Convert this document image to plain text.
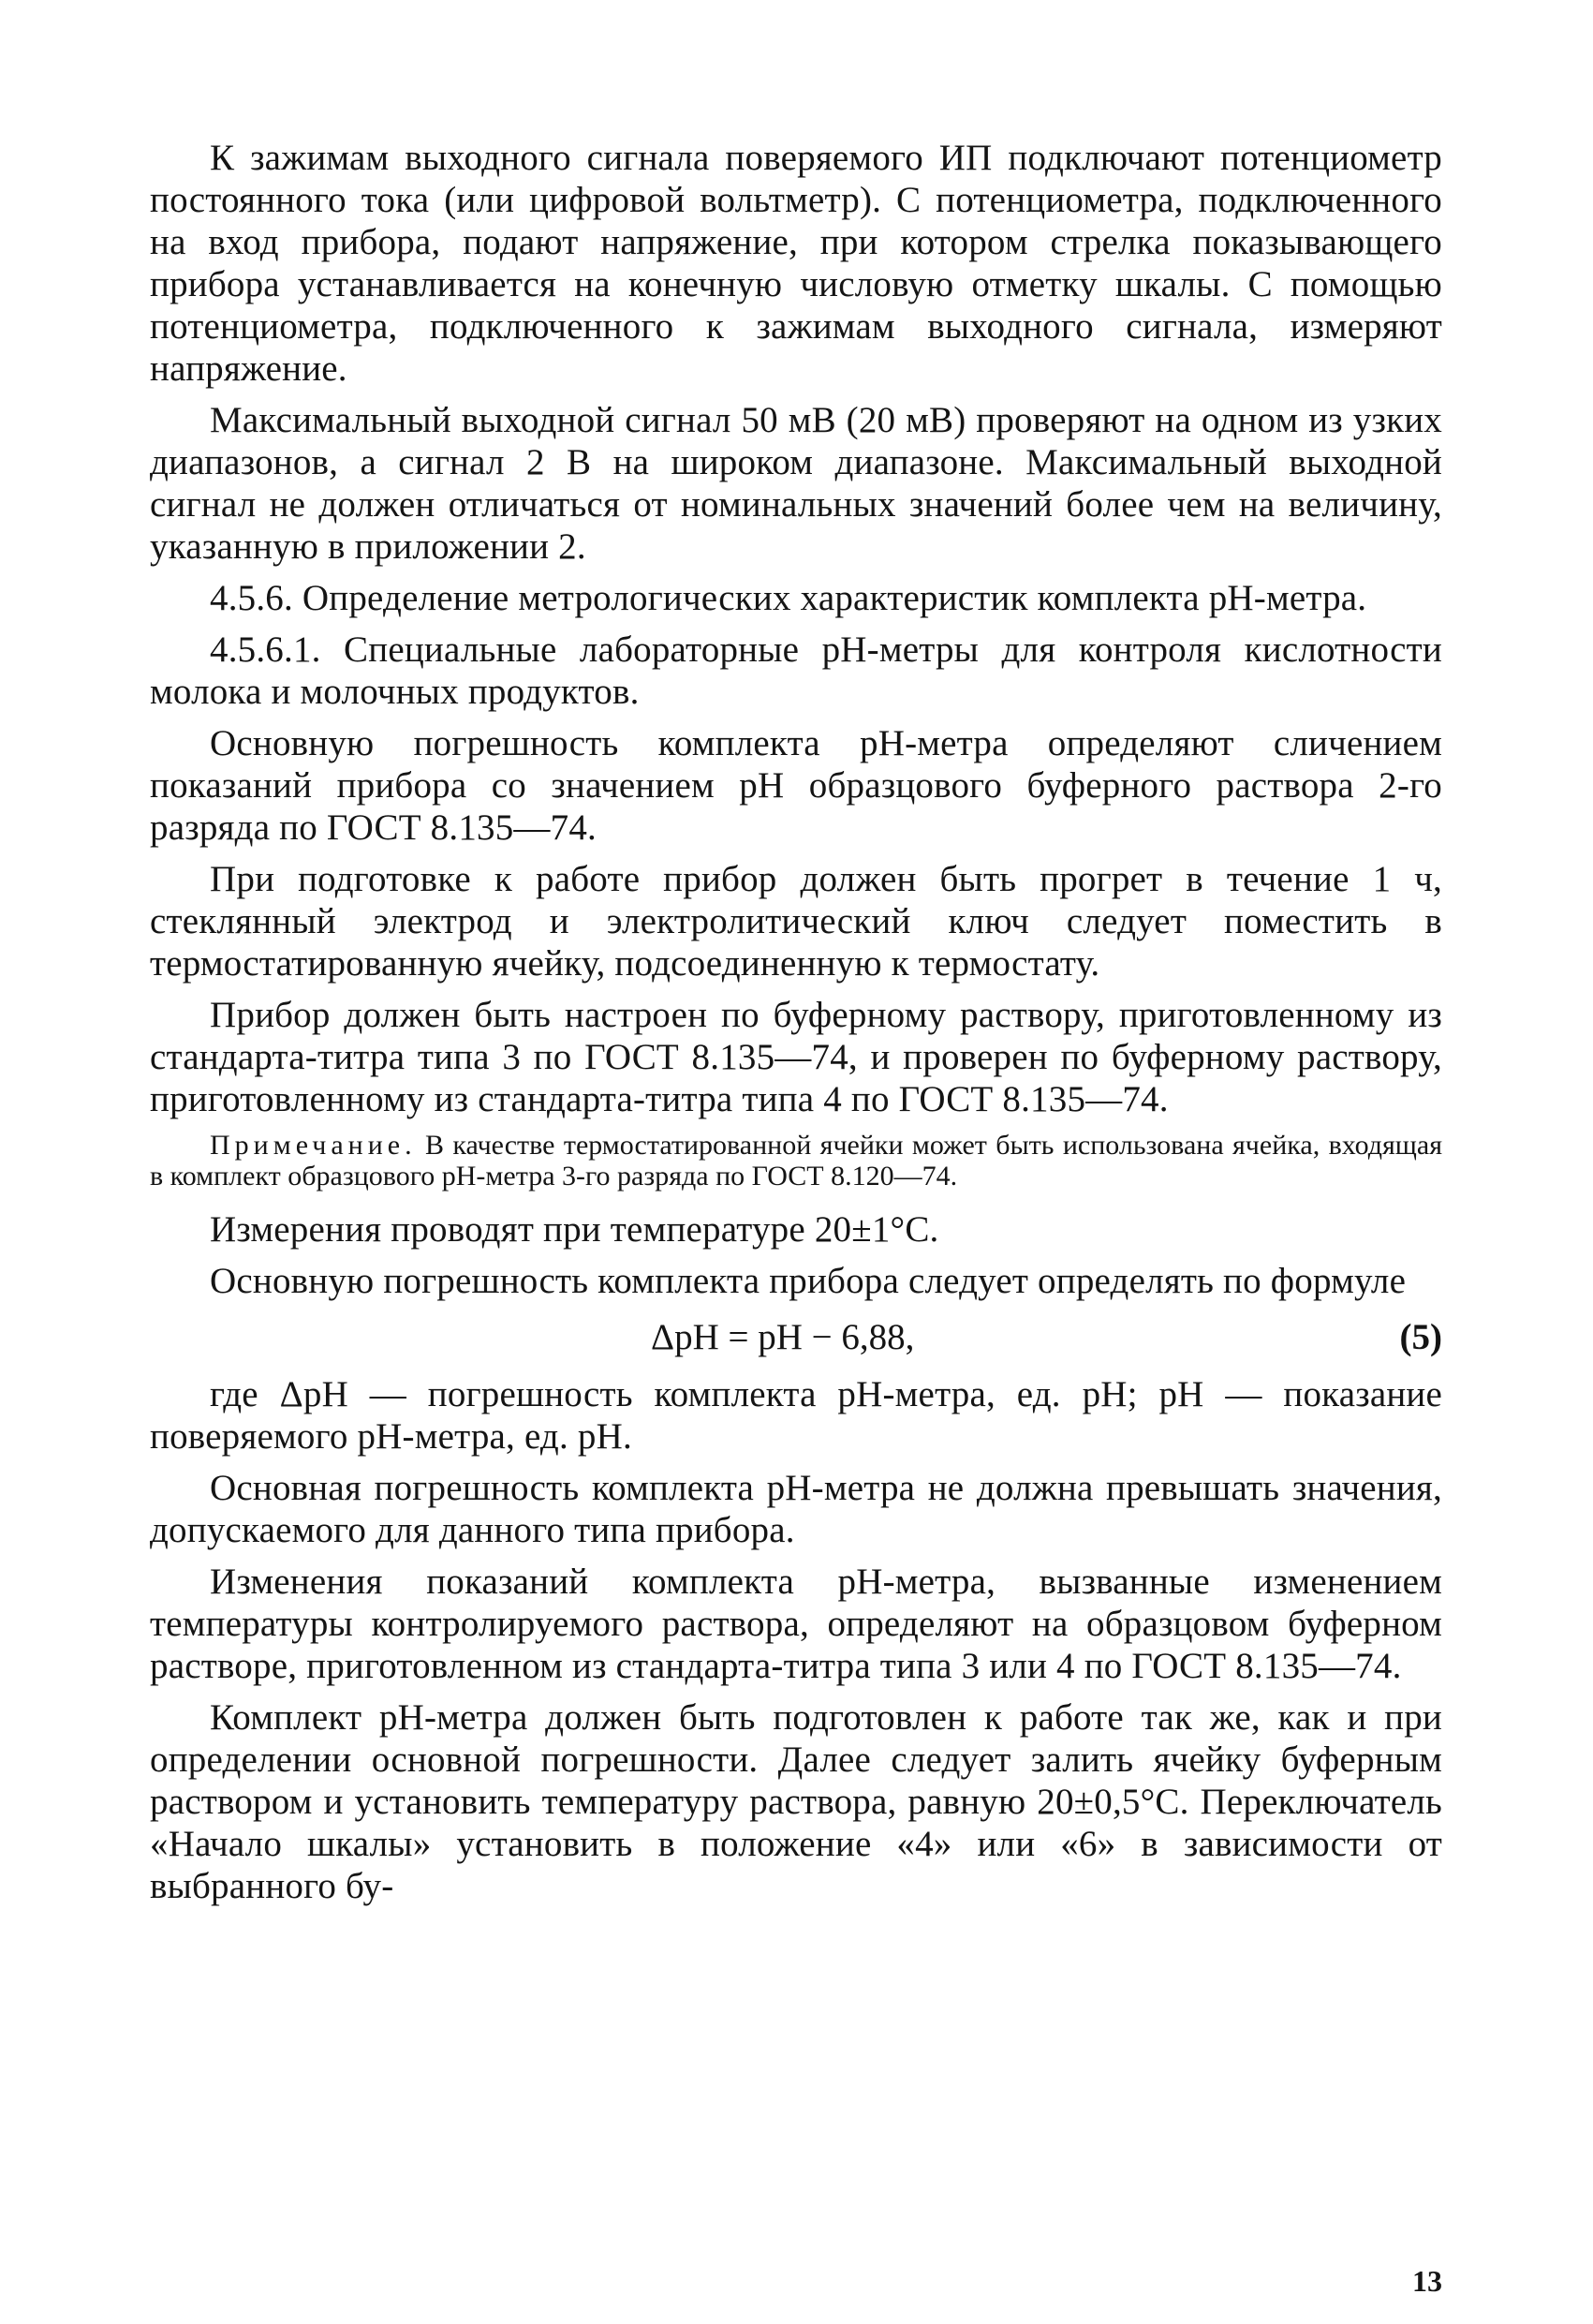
К зажимам выходного сигнала поверяемого ИП подключают потенциометр постоянного тока (или цифровой вольтметр). С потенциометра, подключенного на вход прибора, подают напряжение, при котором стрелка показывающего прибора устанавливается на конечную числовую отметку шкалы. С помощью потенциометра, подключенного к зажимам выходного сигнала, измеряют напряжение.

Максимальный выходной сигнал 50 мВ (20 мВ) проверяют на одном из узких диапазонов, а сигнал 2 В на широком диапазоне. Максимальный выходной сигнал не должен отличаться от номинальных значений более чем на величину, указанную в приложении 2.

4.5.6. Определение метрологических характеристик комплекта pH-метра.

4.5.6.1. Специальные лабораторные pH-метры для контроля кислотности молока и молочных продуктов.

Основную погрешность комплекта pH-метра определяют сличением показаний прибора со значением pH образцового буферного раствора 2-го разряда по ГОСТ 8.135—74.

При подготовке к работе прибор должен быть прогрет в течение 1 ч, стеклянный электрод и электролитический ключ следует поместить в термостатированную ячейку, подсоединенную к термостату.

Прибор должен быть настроен по буферному раствору, приготовленному из стандарта-титра типа 3 по ГОСТ 8.135—74, и проверен по буферному раствору, приготовленному из стандарта-титра типа 4 по ГОСТ 8.135—74.

Примечание. В качестве термостатированной ячейки может быть использована ячейка, входящая в комплект образцового pH-метра 3-го разряда по ГОСТ 8.120—74.

Измерения проводят при температуре 20±1°С.

Основную погрешность комплекта прибора следует определять по формуле

ΔpH = pH − 6,88,	(5)

где ΔpH — погрешность комплекта pH-метра, ед. pH; pH — показание поверяемого pH-метра, ед. pH.

Основная погрешность комплекта pH-метра не должна превышать значения, допускаемого для данного типа прибора.

Изменения показаний комплекта pH-метра, вызванные изменением температуры контролируемого раствора, определяют на образцовом буферном растворе, приготовленном из стандарта-титра типа 3 или 4 по ГОСТ 8.135—74.

Комплект pH-метра должен быть подготовлен к работе так же, как и при определении основной погрешности. Далее следует залить ячейку буферным раствором и установить температуру раствора, равную 20±0,5°С. Переключатель «Начало шкалы» установить в положение «4» или «6» в зависимости от выбранного бу-

13
